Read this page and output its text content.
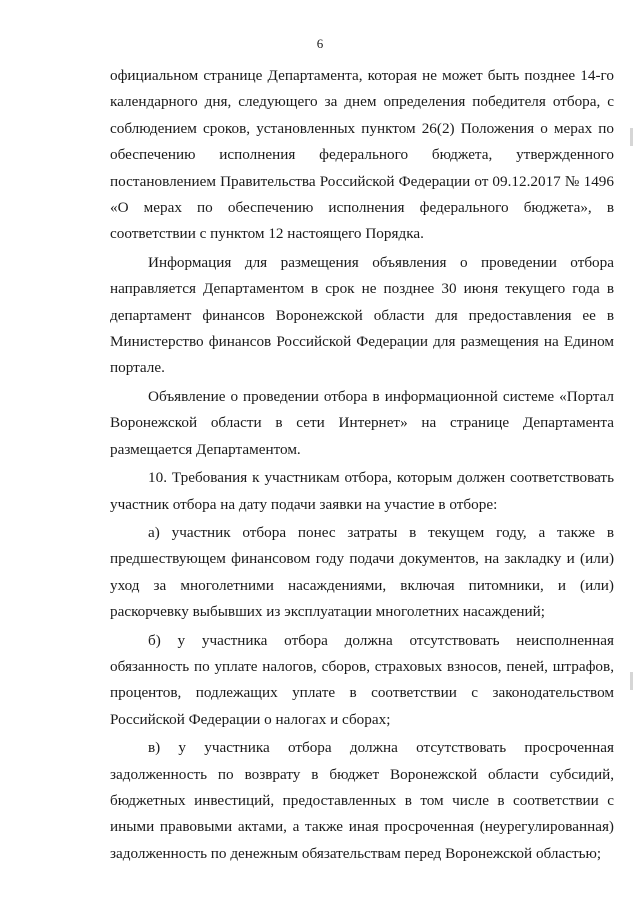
6

официальном странице Департамента, которая не может быть позднее 14-го календарного дня, следующего за днем определения победителя отбора, с соблюдением сроков, установленных пунктом 26(2) Положения о мерах по обеспечению исполнения федерального бюджета, утвержденного постановлением Правительства Российской Федерации от 09.12.2017 № 1496 «О мерах по обеспечению исполнения федерального бюджета», в соответствии с пунктом 12 настоящего Порядка.

Информация для размещения объявления о проведении отбора направляется Департаментом в срок не позднее 30 июня текущего года в департамент финансов Воронежской области для предоставления ее в Министерство финансов Российской Федерации для размещения на Едином портале.

Объявление о проведении отбора в информационной системе «Портал Воронежской области в сети Интернет» на странице Департамента размещается Департаментом.

10. Требования к участникам отбора, которым должен соответствовать участник отбора на дату подачи заявки на участие в отборе:

а) участник отбора понес затраты в текущем году, а также в предшествующем финансовом году подачи документов, на закладку и (или) уход за многолетними насаждениями, включая питомники, и (или) раскорчевку выбывших из эксплуатации многолетних насаждений;

б) у участника отбора должна отсутствовать неисполненная обязанность по уплате налогов, сборов, страховых взносов, пеней, штрафов, процентов, подлежащих уплате в соответствии с законодательством Российской Федерации о налогах и сборах;

в) у участника отбора должна отсутствовать просроченная задолженность по возврату в бюджет Воронежской области субсидий, бюджетных инвестиций, предоставленных в том числе в соответствии с иными правовыми актами, а также иная просроченная (неурегулированная) задолженность по денежным обязательствам перед Воронежской областью;
